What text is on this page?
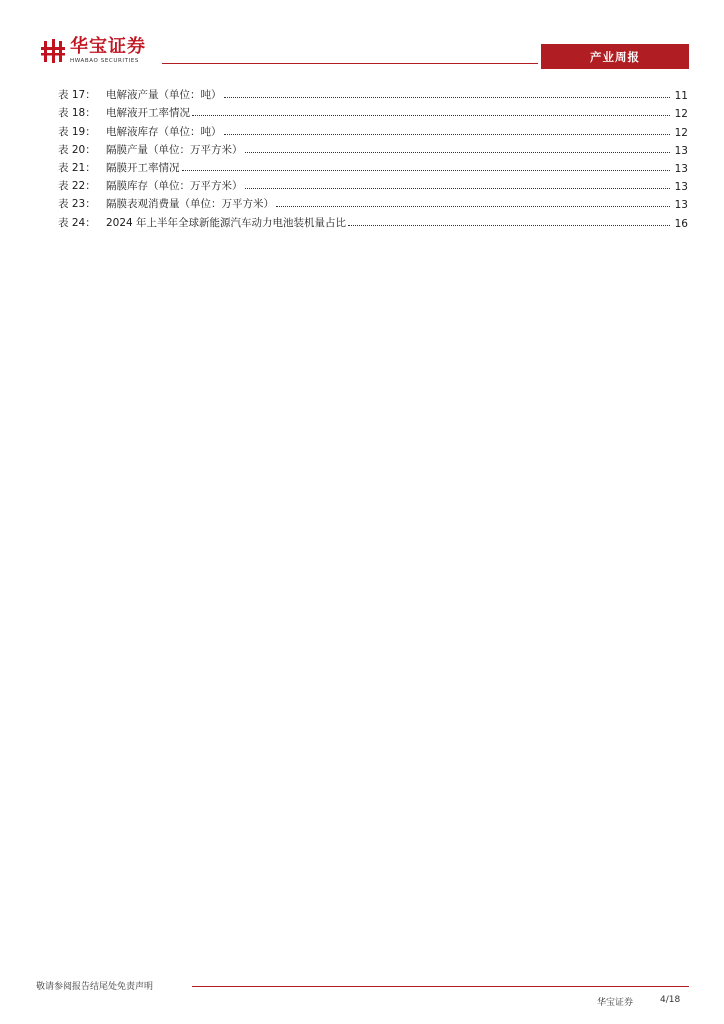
华宝证券
HWABAO SECURITIES	产业周报
表 17： 电解液产量（单位：吨）	11
表 18： 电解液开工率情况	12
表 19： 电解液库存（单位：吨）	12
表 20： 隔膜产量（单位：万平方米）	13
表 21： 隔膜开工率情况	13
表 22： 隔膜库存（单位：万平方米）	13
表 23： 隔膜表观消费量（单位：万平方米）	13
表 24： 2024 年上半年全球新能源汽车动力电池装机量占比	16
敬请参阅报告结尾处免责声明
华宝证券	4/18
